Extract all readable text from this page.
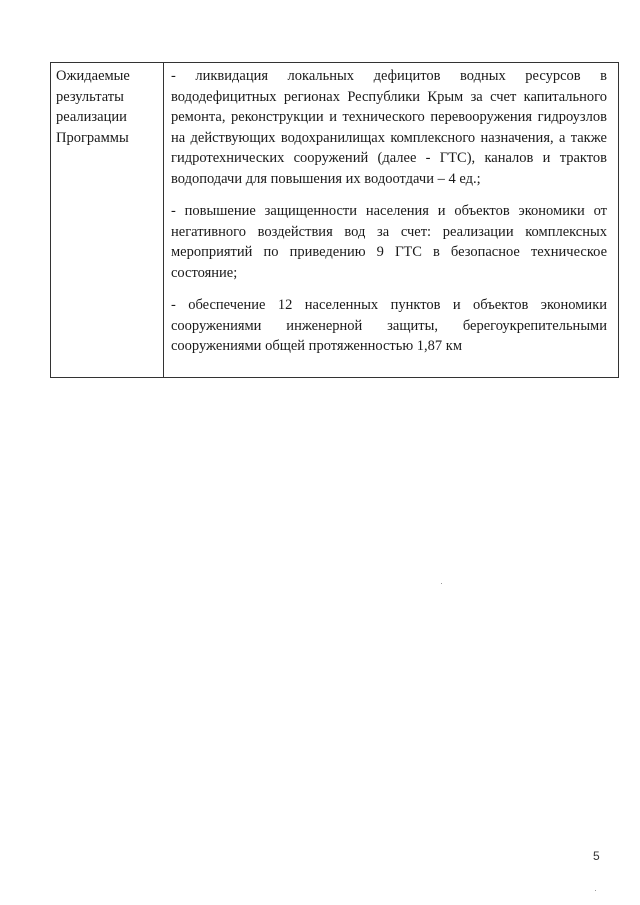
Ожидаемые
результаты
реализации
Программы

- ликвидация локальных дефицитов водных ресурсов в вододефицитных регионах Республики Крым за счет капитального ремонта, реконструкции и технического перевооружения гидроузлов на действующих водохранилищах комплексного назначения, а также гидротехнических сооружений (далее - ГТС), каналов и трактов водоподачи для повышения их водоотдачи – 4 ед.;

- повышение защищенности населения и объектов экономики от негативного воздействия вод за счет: реализации комплексных мероприятий по приведению 9 ГТС в безопасное техническое состояние;

- обеспечение 12 населенных пунктов и объектов экономики сооружениями инженерной защиты, берегоукрепительными сооружениями общей протяженностью 1,87 км

5
